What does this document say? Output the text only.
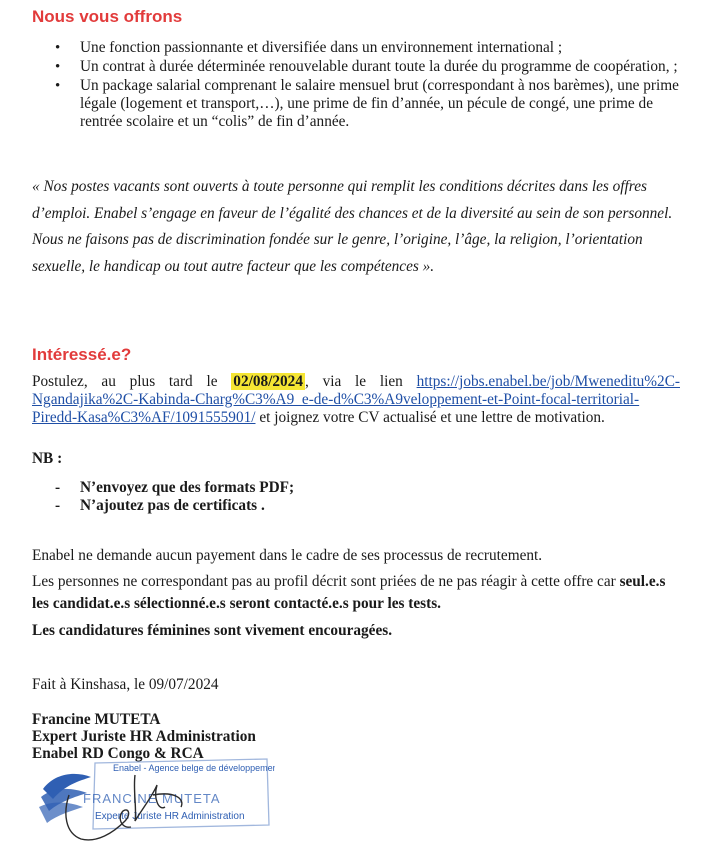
Nous vous offrons
• Une fonction passionnante et diversifiée dans un environnement international ;
• Un contrat à durée déterminée renouvelable durant toute la durée du programme de coopération, ;
• Un package salarial comprenant le salaire mensuel brut (correspondant à nos barèmes), une prime légale (logement et transport,…), une prime de fin d’année, un pécule de congé, une prime de rentrée scolaire et un “colis” de fin d’année.

« Nos postes vacants sont ouverts à toute personne qui remplit les conditions décrites dans les offres d’emploi. Enabel s’engage en faveur de l’égalité des chances et de la diversité au sein de son personnel. Nous ne faisons pas de discrimination fondée sur le genre, l’origine, l’âge, la religion, l’orientation sexuelle, le handicap ou tout autre facteur que les compétences ».

Intéressé.e?

Postulez, au plus tard le 02/08/2024 , via le lien https://jobs.enabel.be/job/Mweneditu%2C-Ngandajika%2C-Kabinda-Charg%C3%A9_e-de-d%C3%A9veloppement-et-Point-focal-territorial-Piredd-Kasa%C3%AF/1091555901/ et joignez votre CV actualisé et une lettre de motivation.

NB :
- N’envoyez que des formats PDF;
- N’ajoutez pas de certificats .

Enabel ne demande aucun payement dans le cadre de ses processus de recrutement.

Les personnes ne correspondant pas au profil décrit sont priées de ne pas réagir à cette offre car seul.e.s les candidat.e.s sélectionné.e.s seront contacté.e.s pour les tests.

Les candidatures féminines sont vivement encouragées.

Fait à Kinshasa, le 09/07/2024
Francine MUTETA
Expert Juriste HR Administration
Enabel RD Congo & RCA
Enabel - Agence belge de développement
FRANCINE MUTETA
Experte Juriste HR Administration
